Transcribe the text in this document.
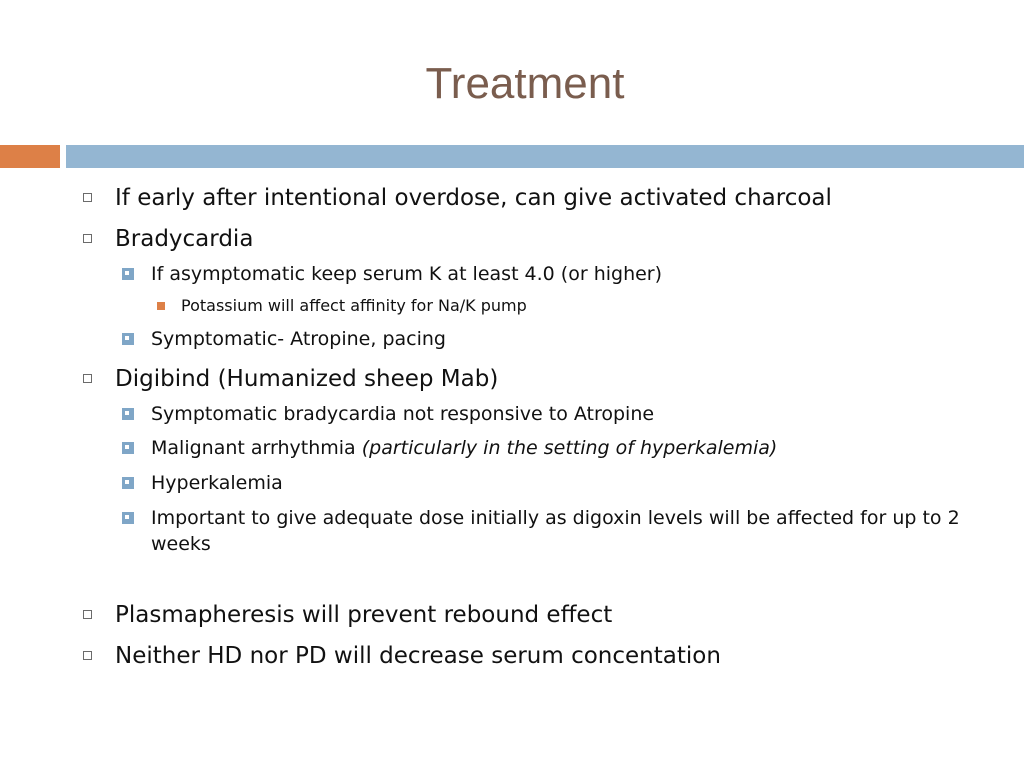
Treatment
If early after intentional overdose, can give activated charcoal
Bradycardia
If asymptomatic keep serum K at least 4.0 (or higher)
Potassium will affect affinity for Na/K pump
Symptomatic- Atropine, pacing
Digibind (Humanized sheep Mab)
Symptomatic bradycardia not responsive to Atropine
Malignant arrhythmia (particularly in the setting of hyperkalemia)
Hyperkalemia
Important to give adequate dose initially as digoxin levels will be affected for up to 2 weeks
Plasmapheresis will prevent rebound effect
Neither HD nor PD will decrease serum concentation
